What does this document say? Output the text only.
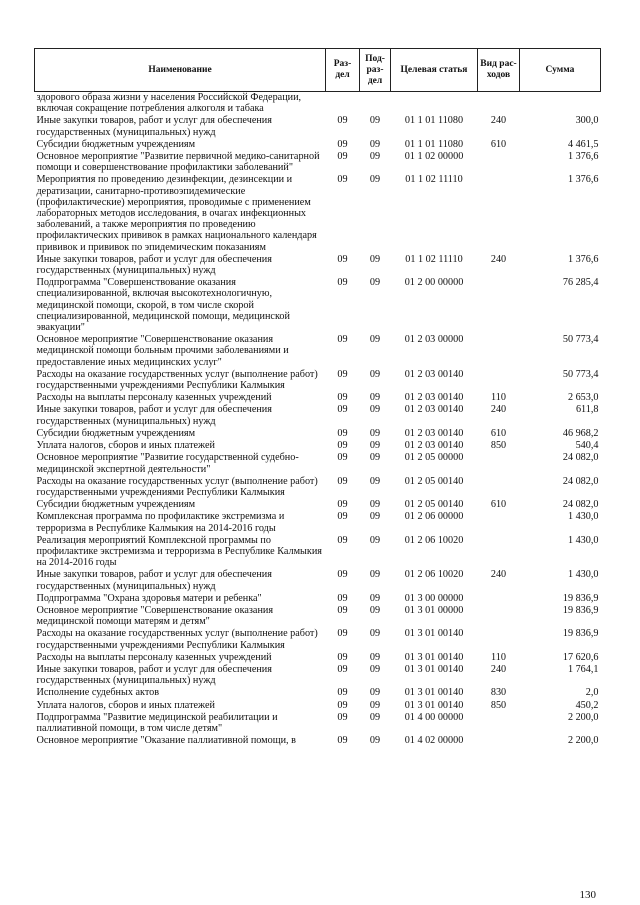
Наименование	Раз-дел	Под-раз-дел	Целевая статья	Вид рас-ходов	Сумма
здорового образа жизни у населения Российской Федерации, включая сокращение потребления алкоголя и табака					
Иные закупки товаров, работ и услуг для обеспечения государственных (муниципальных) нужд	09	09	01 1 01 11080	240	300,0
Субсидии бюджетным учреждениям	09	09	01 1 01 11080	610	4 461,5
Основное мероприятие "Развитие первичной медико-санитарной помощи и совершенствование профилактики заболеваний"	09	09	01 1 02 00000		1 376,6
Мероприятия по проведению дезинфекции, дезинсекции и дератизации, санитарно-противоэпидемические (профилактические) мероприятия, проводимые с применением лабораторных методов исследования, в очагах инфекционных заболеваний, а также мероприятия по проведению профилактических прививок в рамках национального календаря прививок и прививок по эпидемическим показаниям	09	09	01 1 02 11110		1 376,6
Иные закупки товаров, работ и услуг для обеспечения государственных (муниципальных) нужд	09	09	01 1 02 11110	240	1 376,6
Подпрограмма "Совершенствование оказания специализированной, включая высокотехнологичную, медицинской помощи, скорой, в том числе скорой специализированной, медицинской помощи, медицинской эвакуации"	09	09	01 2 00 00000		76 285,4
Основное мероприятие "Совершенствование оказания медицинской помощи больным прочими заболеваниями и предоставление иных медицинских услуг"	09	09	01 2 03 00000		50 773,4
Расходы на оказание государственных услуг (выполнение работ) государственными учреждениями Республики Калмыкия	09	09	01 2 03 00140		50 773,4
Расходы на выплаты персоналу казенных учреждений	09	09	01 2 03 00140	110	2 653,0
Иные закупки товаров, работ и услуг для обеспечения государственных (муниципальных) нужд	09	09	01 2 03 00140	240	611,8
Субсидии бюджетным учреждениям	09	09	01 2 03 00140	610	46 968,2
Уплата налогов, сборов и иных платежей	09	09	01 2 03 00140	850	540,4
Основное мероприятие "Развитие государственной судебно-медицинской экспертной деятельности"	09	09	01 2 05 00000		24 082,0
Расходы на оказание государственных услуг (выполнение работ) государственными учреждениями Республики Калмыкия	09	09	01 2 05 00140		24 082,0
Субсидии бюджетным учреждениям	09	09	01 2 05 00140	610	24 082,0
Комплексная программа по профилактике экстремизма и терроризма в Республике Калмыкия на 2014-2016 годы	09	09	01 2 06 00000		1 430,0
Реализация мероприятий Комплексной программы по профилактике экстремизма и терроризма в Республике Калмыкия на 2014-2016 годы	09	09	01 2 06 10020		1 430,0
Иные закупки товаров, работ и услуг для обеспечения государственных (муниципальных) нужд	09	09	01 2 06 10020	240	1 430,0
Подпрограмма "Охрана здоровья матери и ребенка"	09	09	01 3 00 00000		19 836,9
Основное мероприятие "Совершенствование оказания медицинской помощи матерям и детям"	09	09	01 3 01 00000		19 836,9
Расходы на оказание государственных услуг (выполнение работ) государственными учреждениями Республики Калмыкия	09	09	01 3 01 00140		19 836,9
Расходы на выплаты персоналу казенных учреждений	09	09	01 3 01 00140	110	17 620,6
Иные закупки товаров, работ и услуг для обеспечения государственных (муниципальных) нужд	09	09	01 3 01 00140	240	1 764,1
Исполнение судебных актов	09	09	01 3 01 00140	830	2,0
Уплата налогов, сборов и иных платежей	09	09	01 3 01 00140	850	450,2
Подпрограмма "Развитие медицинской реабилитации и паллиативной помощи, в том числе детям"	09	09	01 4 00 00000		2 200,0
Основное мероприятие "Оказание паллиативной помощи, в	09	09	01 4 02 00000		2 200,0
130
